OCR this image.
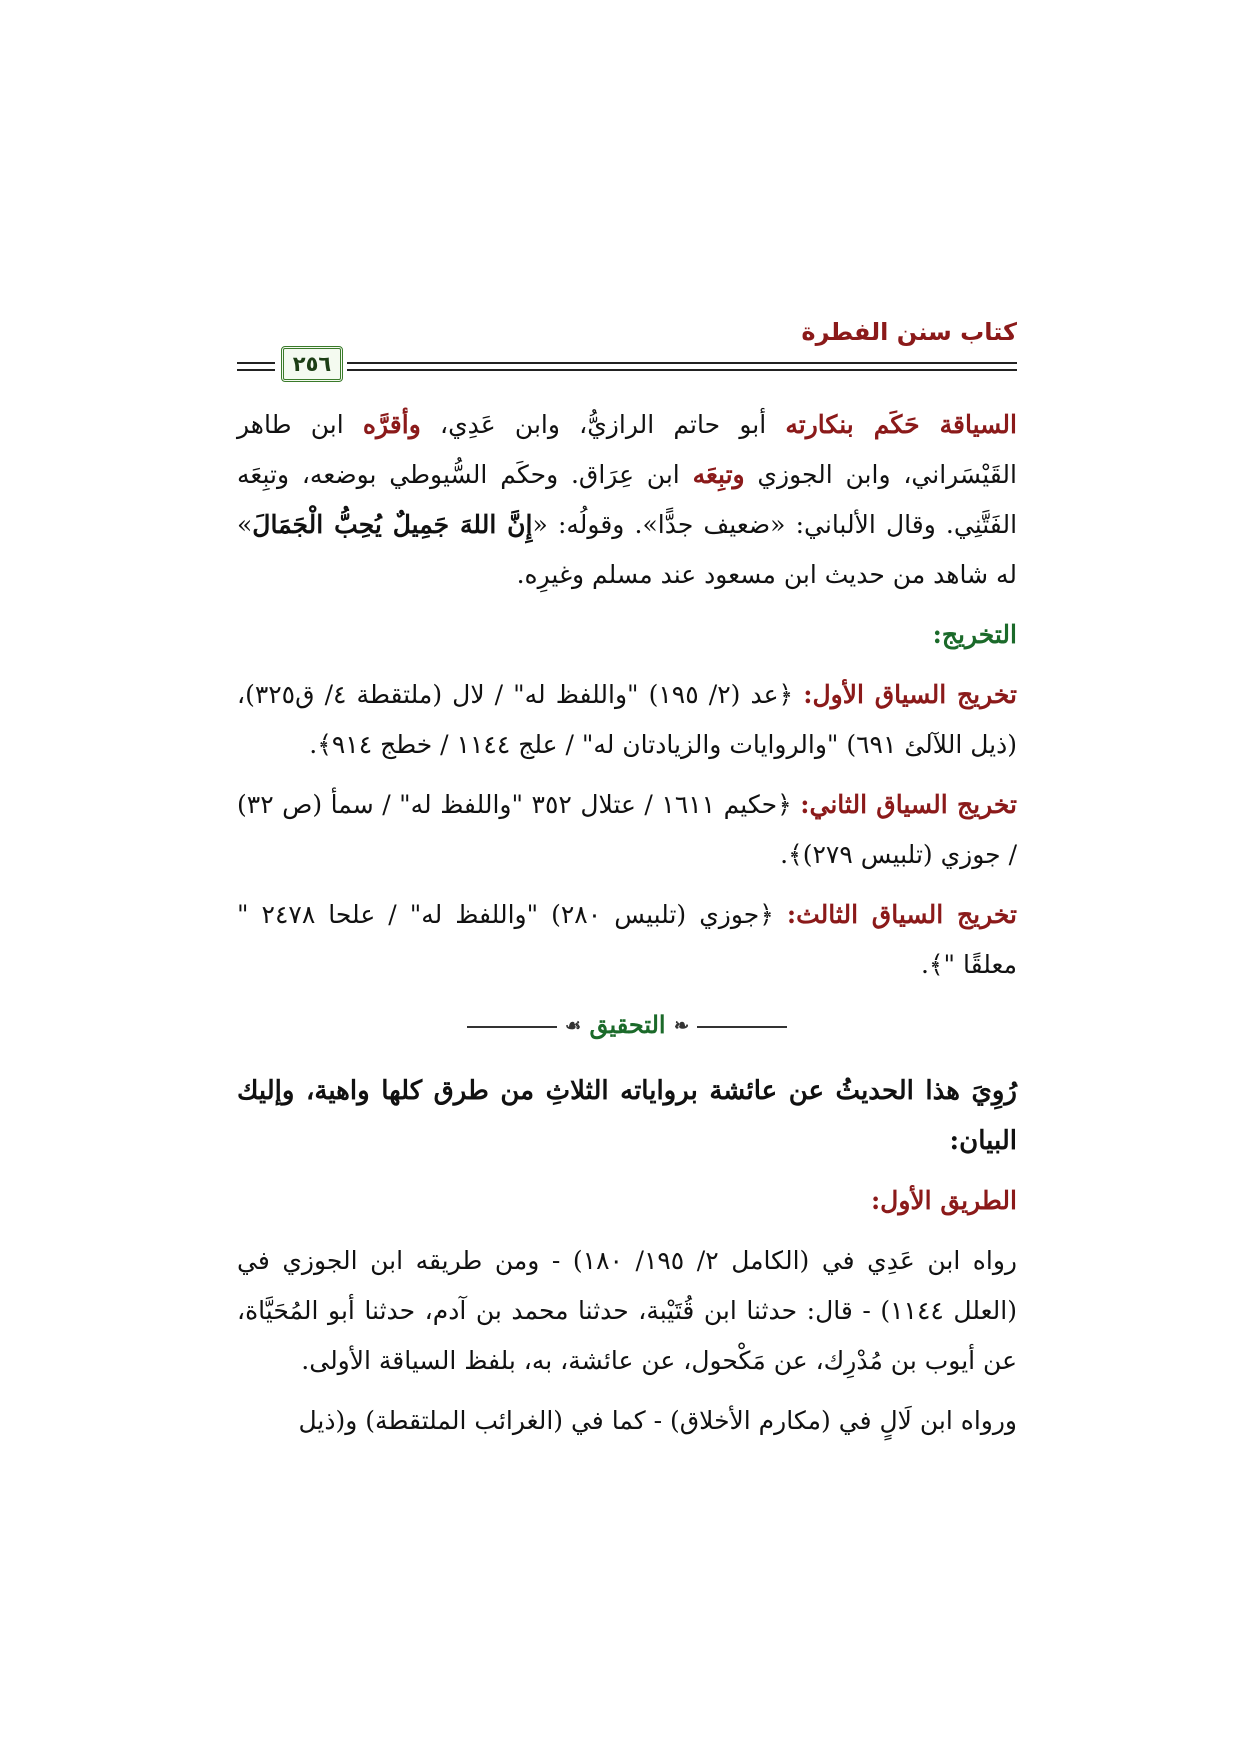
كتاب سنن الفطرة
٢٥٦

السياقة حَكَم بنكارته أبو حاتم الرازيُّ، وابن عَدِي، وأقرَّه ابن طاهر القَيْسَراني، وابن الجوزي وتبِعَه ابن عِرَاق. وحكَم السُّيوطي بوضعه، وتبِعَه الفَتَّنِي. وقال الألباني: «ضعيف جدًّا». وقولُه: «إِنَّ اللهَ جَمِيلٌ يُحِبُّ الْجَمَالَ» له شاهد من حديث ابن مسعود عند مسلم وغيرِه.

التخريج:

تخريج السياق الأول: ﴿عد (٢/ ١٩٥) "واللفظ له" / لال (ملتقطة ٤/ ق٣٢٥)، (ذيل اللآلئ ٦٩١) "والروايات والزيادتان له" / علج ١١٤٤ / خطج ٩١٤﴾.

تخريج السياق الثاني: ﴿حكيم ١٦١١ / عتلال ٣٥٢ "واللفظ له" / سمأ (ص ٣٢) / جوزي (تلبيس ٢٧٩)﴾.

تخريج السياق الثالث: ﴿جوزي (تلبيس ٢٨٠) "واللفظ له" / علحا ٢٤٧٨ " معلقًا "﴾.

❧ التحقيق ☙

رُوِيَ هذا الحديثُ عن عائشة برواياته الثلاثِ من طرق كلها واهية، وإليك البيان:

الطريق الأول:

رواه ابن عَدِي في (الكامل ٢/ ١٩٥/ ١٨٠) - ومن طريقه ابن الجوزي في (العلل ١١٤٤) - قال: حدثنا ابن قُتَيْبة، حدثنا محمد بن آدم، حدثنا أبو المُحَيَّاة، عن أيوب بن مُدْرِك، عن مَكْحول، عن عائشة، به، بلفظ السياقة الأولى.

ورواه ابن لَالٍ في (مكارم الأخلاق) - كما في (الغرائب الملتقطة) و(ذيل
